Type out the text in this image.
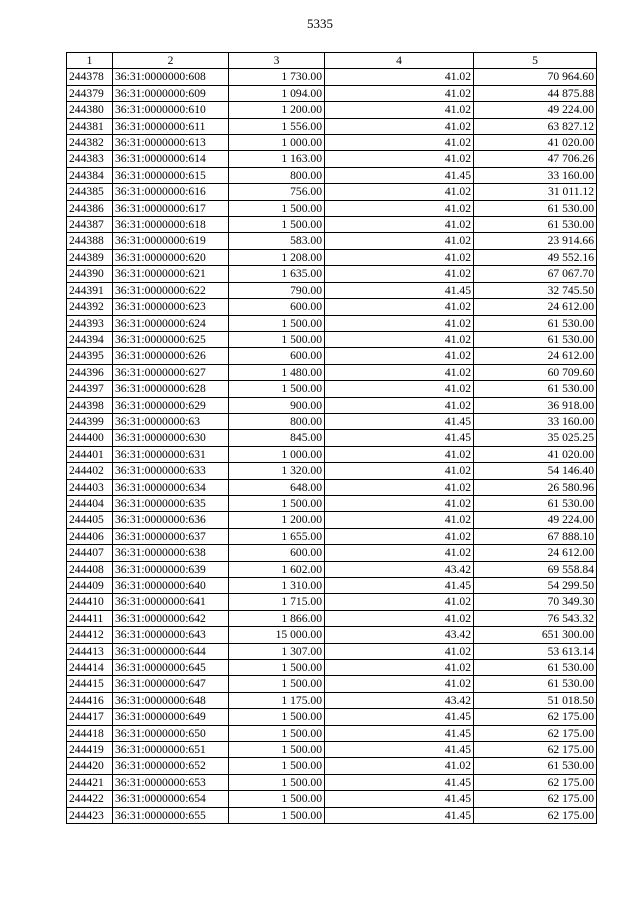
5335
1	2	3	4	5
244378	36:31:0000000:608	1 730.00	41.02	70 964.60
244379	36:31:0000000:609	1 094.00	41.02	44 875.88
244380	36:31:0000000:610	1 200.00	41.02	49 224.00
244381	36:31:0000000:611	1 556.00	41.02	63 827.12
244382	36:31:0000000:613	1 000.00	41.02	41 020.00
244383	36:31:0000000:614	1 163.00	41.02	47 706.26
244384	36:31:0000000:615	800.00	41.45	33 160.00
244385	36:31:0000000:616	756.00	41.02	31 011.12
244386	36:31:0000000:617	1 500.00	41.02	61 530.00
244387	36:31:0000000:618	1 500.00	41.02	61 530.00
244388	36:31:0000000:619	583.00	41.02	23 914.66
244389	36:31:0000000:620	1 208.00	41.02	49 552.16
244390	36:31:0000000:621	1 635.00	41.02	67 067.70
244391	36:31:0000000:622	790.00	41.45	32 745.50
244392	36:31:0000000:623	600.00	41.02	24 612.00
244393	36:31:0000000:624	1 500.00	41.02	61 530.00
244394	36:31:0000000:625	1 500.00	41.02	61 530.00
244395	36:31:0000000:626	600.00	41.02	24 612.00
244396	36:31:0000000:627	1 480.00	41.02	60 709.60
244397	36:31:0000000:628	1 500.00	41.02	61 530.00
244398	36:31:0000000:629	900.00	41.02	36 918.00
244399	36:31:0000000:63	800.00	41.45	33 160.00
244400	36:31:0000000:630	845.00	41.45	35 025.25
244401	36:31:0000000:631	1 000.00	41.02	41 020.00
244402	36:31:0000000:633	1 320.00	41.02	54 146.40
244403	36:31:0000000:634	648.00	41.02	26 580.96
244404	36:31:0000000:635	1 500.00	41.02	61 530.00
244405	36:31:0000000:636	1 200.00	41.02	49 224.00
244406	36:31:0000000:637	1 655.00	41.02	67 888.10
244407	36:31:0000000:638	600.00	41.02	24 612.00
244408	36:31:0000000:639	1 602.00	43.42	69 558.84
244409	36:31:0000000:640	1 310.00	41.45	54 299.50
244410	36:31:0000000:641	1 715.00	41.02	70 349.30
244411	36:31:0000000:642	1 866.00	41.02	76 543.32
244412	36:31:0000000:643	15 000.00	43.42	651 300.00
244413	36:31:0000000:644	1 307.00	41.02	53 613.14
244414	36:31:0000000:645	1 500.00	41.02	61 530.00
244415	36:31:0000000:647	1 500.00	41.02	61 530.00
244416	36:31:0000000:648	1 175.00	43.42	51 018.50
244417	36:31:0000000:649	1 500.00	41.45	62 175.00
244418	36:31:0000000:650	1 500.00	41.45	62 175.00
244419	36:31:0000000:651	1 500.00	41.45	62 175.00
244420	36:31:0000000:652	1 500.00	41.02	61 530.00
244421	36:31:0000000:653	1 500.00	41.45	62 175.00
244422	36:31:0000000:654	1 500.00	41.45	62 175.00
244423	36:31:0000000:655	1 500.00	41.45	62 175.00
